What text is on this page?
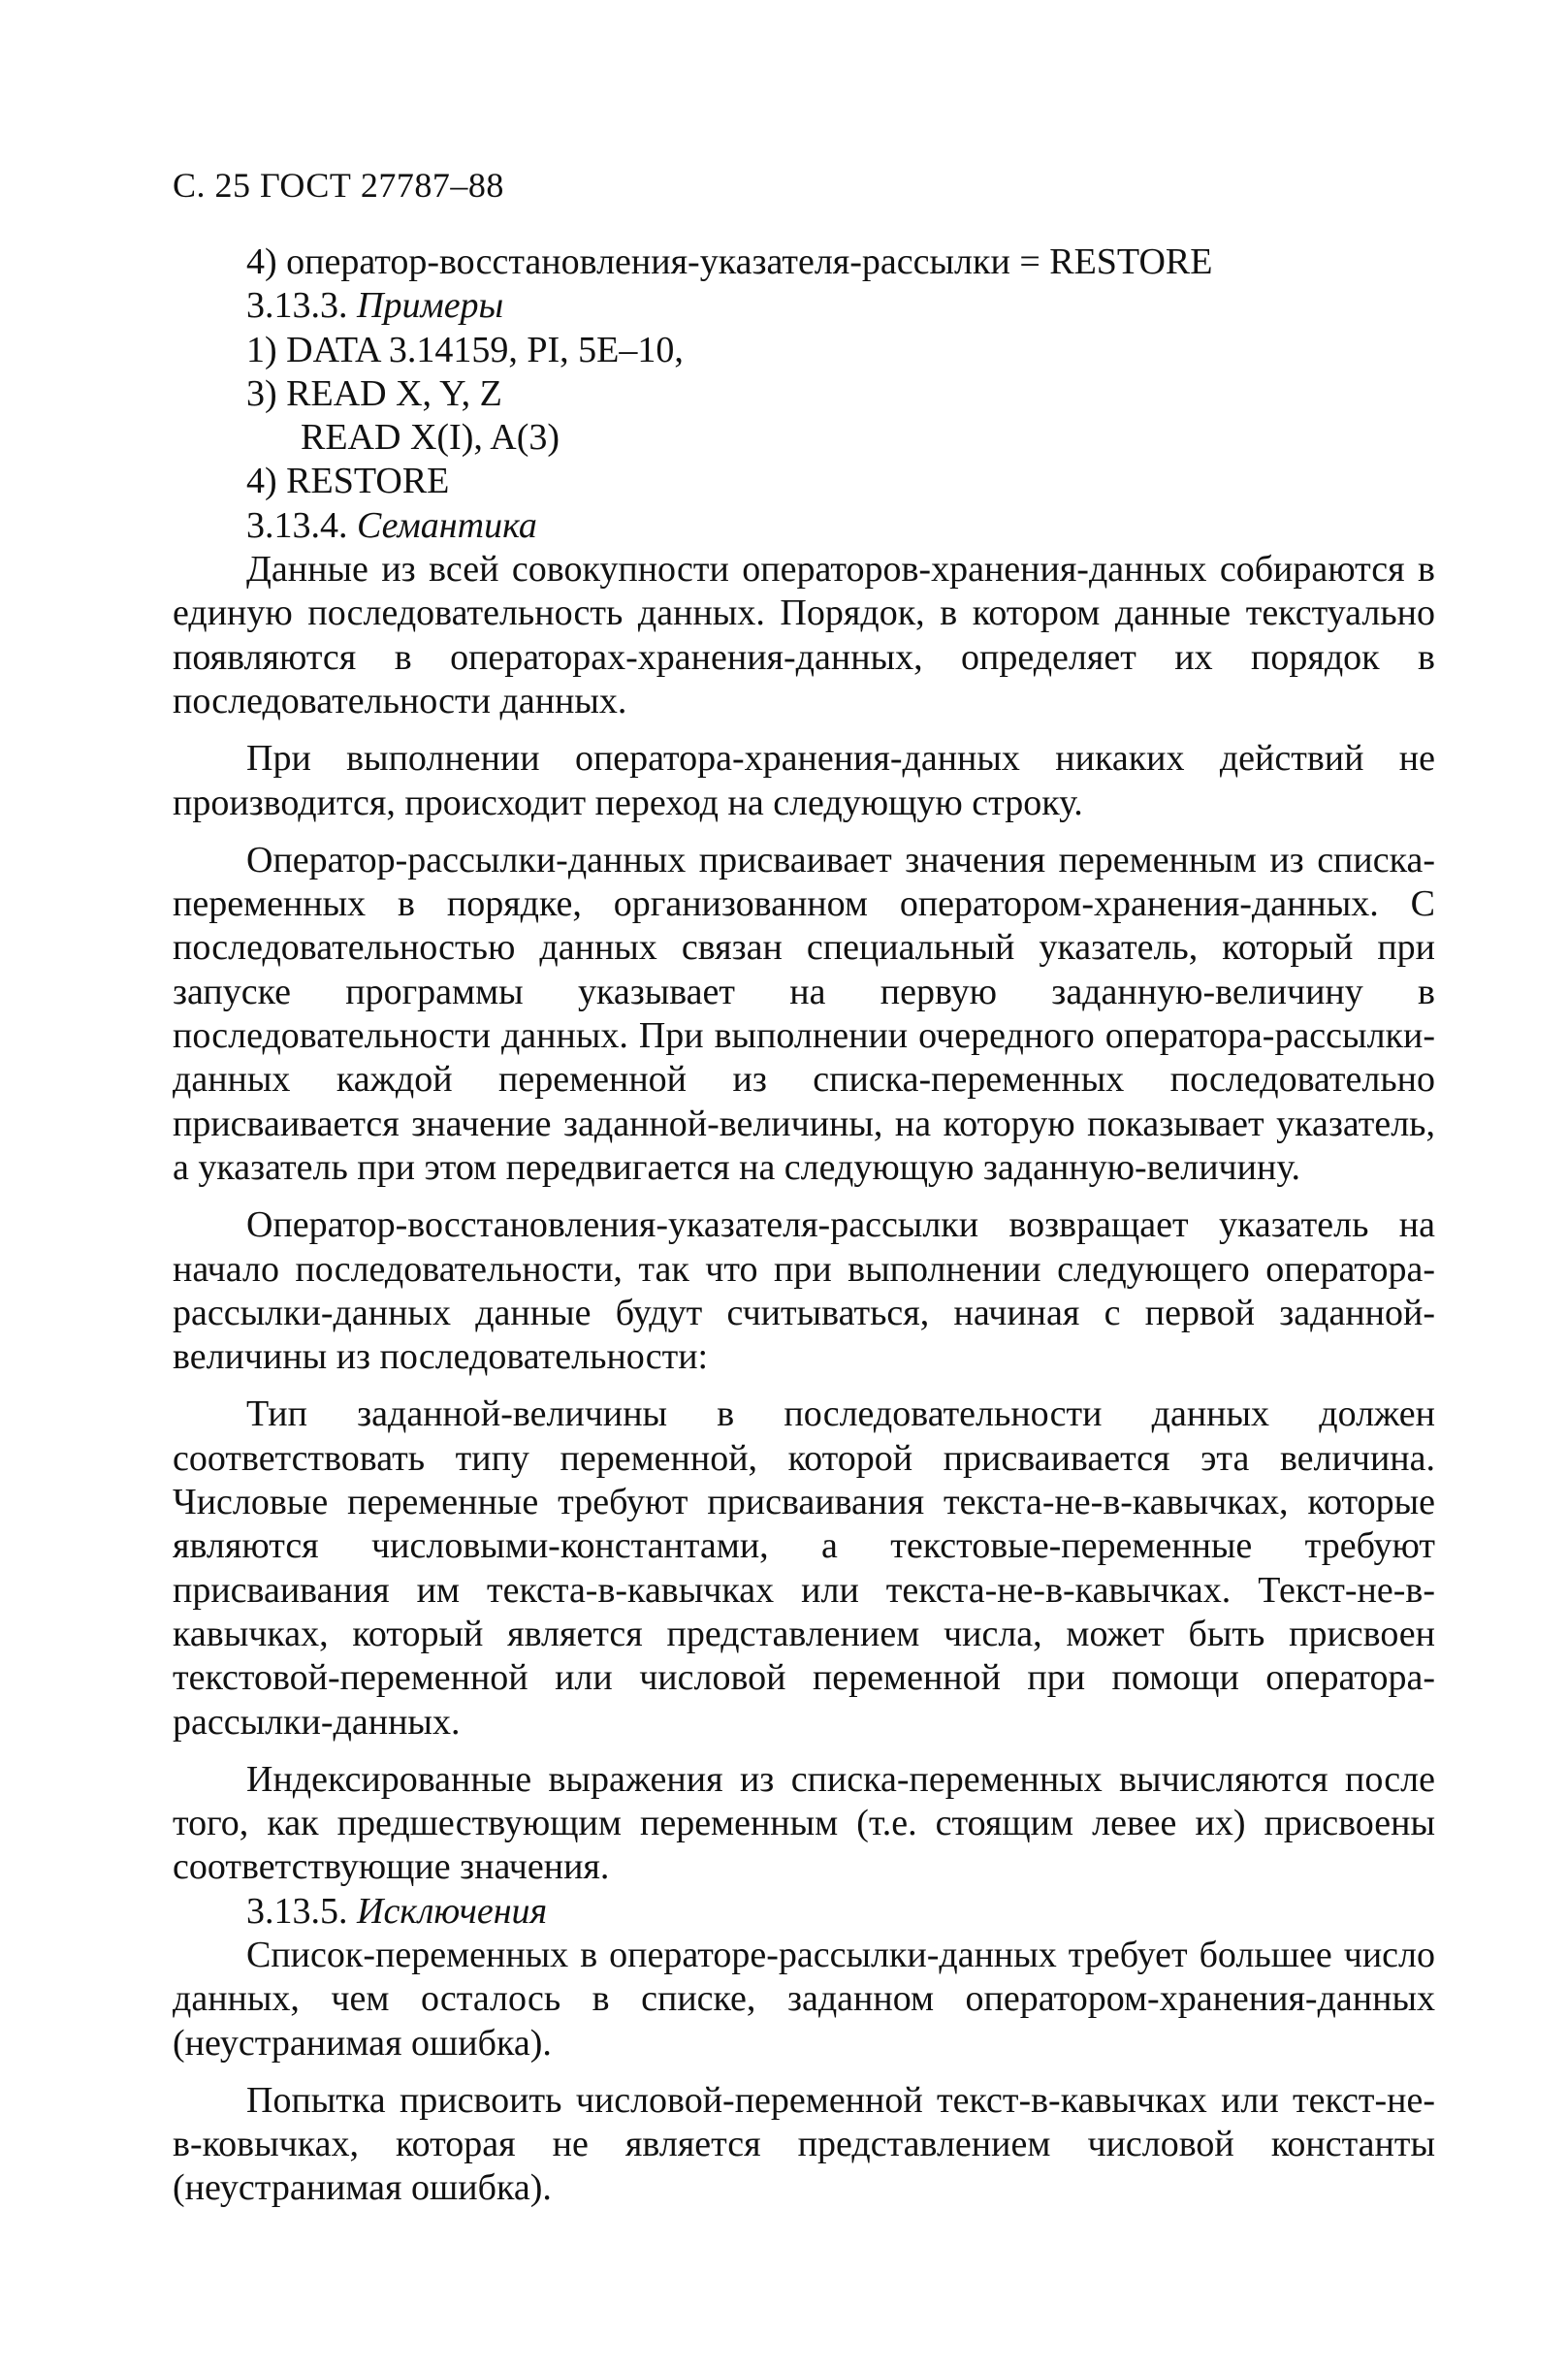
С. 25 ГОСТ 27787–88

4) оператор-восстановления-указателя-рассылки = RESTORE

3.13.3. Примеры

1) DATA 3.14159, PI, 5E–10,

3) READ X, Y, Z

READ X(I), A(3)

4) RESTORE

3.13.4. Семантика

Данные из всей совокупности операторов-хранения-данных собираются в единую последовательность данных. Порядок, в котором данные текстуально появляются в операторах-хранения-данных, определяет их порядок в последовательности данных.

При выполнении оператора-хранения-данных никаких действий не производится, происходит переход на следующую строку.

Оператор-рассылки-данных присваивает значения переменным из списка-переменных в порядке, организованном оператором-хранения-данных. С последовательностью данных связан специальный указатель, который при запуске программы указывает на первую заданную-величину в последовательности данных. При выполнении очередного оператора-рассылки-данных каждой переменной из списка-переменных последовательно присваивается значение заданной-величины, на которую показывает указатель, а указатель при этом передвигается на следующую заданную-величину.

Оператор-восстановления-указателя-рассылки возвращает указатель на начало последовательности, так что при выполнении следующего оператора-рассылки-данных данные будут считываться, начиная с первой заданной-величины из последовательности:

Тип заданной-величины в последовательности данных должен соответствовать типу переменной, которой присваивается эта величина. Числовые переменные требуют присваивания текста-не-в-кавычках, которые являются числовыми-константами, а текстовые-переменные требуют присваивания им текста-в-кавычках или текста-не-в-кавычках. Текст-не-в-кавычках, который является представлением числа, может быть присвоен текстовой-переменной или числовой переменной при помощи оператора-рассылки-данных.

Индексированные выражения из списка-переменных вычисляются после того, как предшествующим переменным (т.е. стоящим левее их) присвоены соответствующие значения.

3.13.5. Исключения

Список-переменных в операторе-рассылки-данных требует большее число данных, чем осталось в списке, заданном оператором-хранения-данных (неустранимая ошибка).

Попытка присвоить числовой-переменной текст-в-кавычках или текст-не-в-ковычках, которая не является представлением числовой константы (неустранимая ошибка).
